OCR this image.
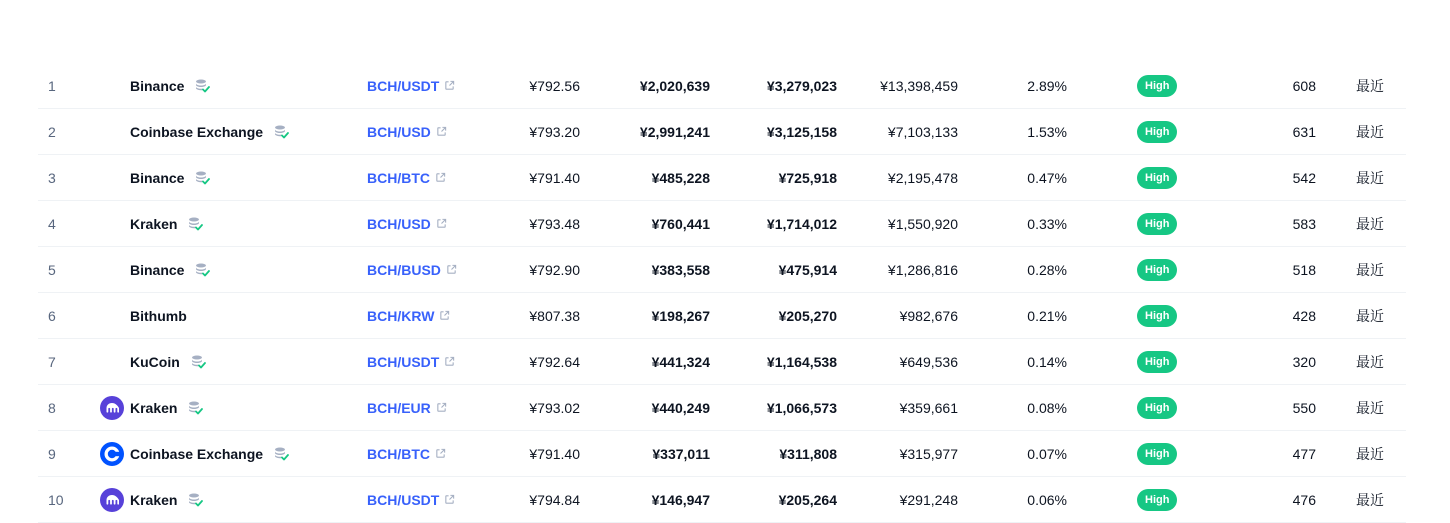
1	Binance	BCH/USDT	¥792.56	¥2,020,639	¥3,279,023	¥13,398,459	2.89%	High	608	最近
2	Coinbase Exchange	BCH/USD	¥793.20	¥2,991,241	¥3,125,158	¥7,103,133	1.53%	High	631	最近
3	Binance	BCH/BTC	¥791.40	¥485,228	¥725,918	¥2,195,478	0.47%	High	542	最近
4	Kraken	BCH/USD	¥793.48	¥760,441	¥1,714,012	¥1,550,920	0.33%	High	583	最近
5	Binance	BCH/BUSD	¥792.90	¥383,558	¥475,914	¥1,286,816	0.28%	High	518	最近
6	Bithumb	BCH/KRW	¥807.38	¥198,267	¥205,270	¥982,676	0.21%	High	428	最近
7	KuCoin	BCH/USDT	¥792.64	¥441,324	¥1,164,538	¥649,536	0.14%	High	320	最近
8	Kraken	BCH/EUR	¥793.02	¥440,249	¥1,066,573	¥359,661	0.08%	High	550	最近
9	Coinbase Exchange	BCH/BTC	¥791.40	¥337,011	¥311,808	¥315,977	0.07%	High	477	最近
10	Kraken	BCH/USDT	¥794.84	¥146,947	¥205,264	¥291,248	0.06%	High	476	最近
